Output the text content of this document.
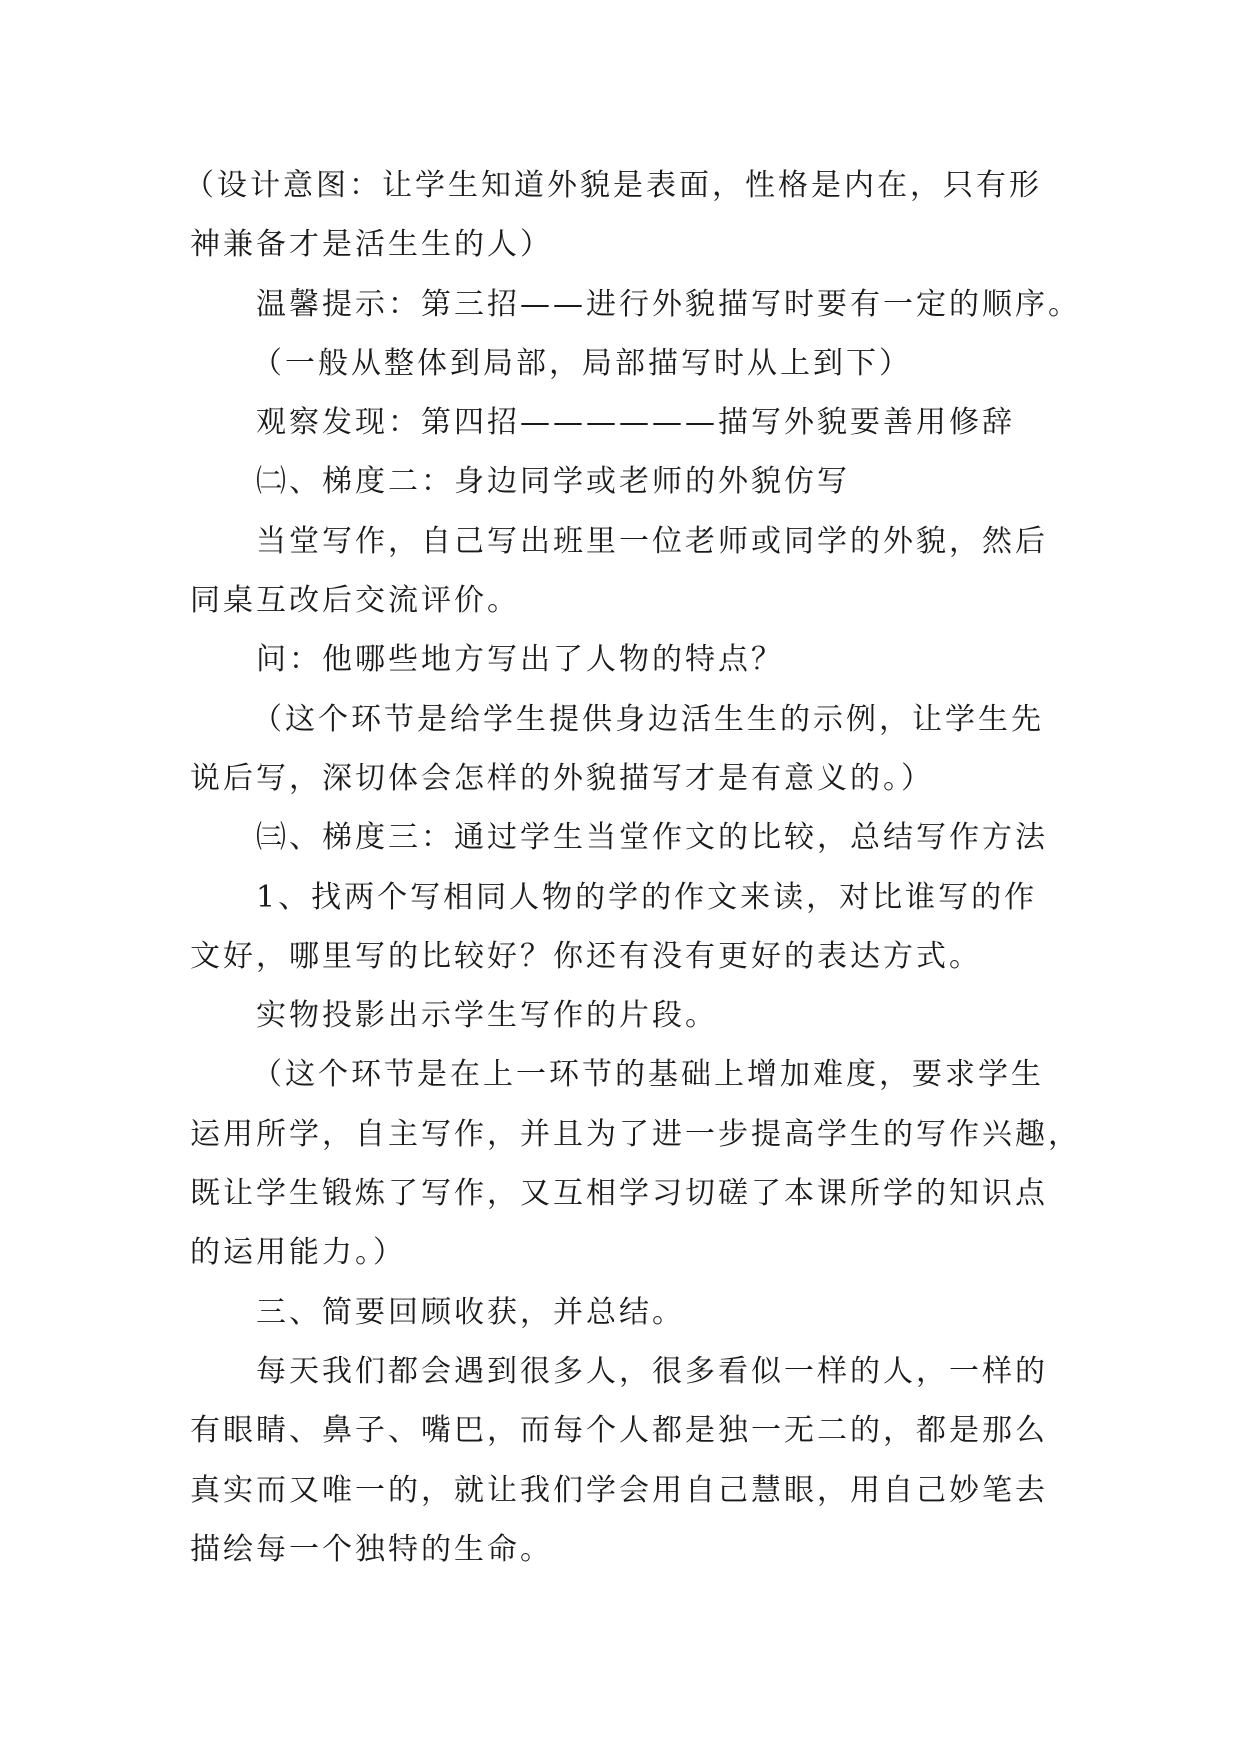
（设计意图：让学生知道外貌是表面，性格是内在，只有形
神兼备才是活生生的人）
温馨提示：第三招——进行外貌描写时要有一定的顺序。
（一般从整体到局部，局部描写时从上到下）
观察发现：第四招——————描写外貌要善用修辞
㈡、梯度二：身边同学或老师的外貌仿写
当堂写作，自己写出班里一位老师或同学的外貌，然后
同桌互改后交流评价。
问：他哪些地方写出了人物的特点？
（这个环节是给学生提供身边活生生的示例，让学生先
说后写，深切体会怎样的外貌描写才是有意义的。）
㈢、梯度三：通过学生当堂作文的比较，总结写作方法
1、找两个写相同人物的学的作文来读，对比谁写的作
文好，哪里写的比较好？你还有没有更好的表达方式。
实物投影出示学生写作的片段。
（这个环节是在上一环节的基础上增加难度，要求学生
运用所学，自主写作，并且为了进一步提高学生的写作兴趣，
既让学生锻炼了写作，又互相学习切磋了本课所学的知识点
的运用能力。）
三、简要回顾收获，并总结。
每天我们都会遇到很多人，很多看似一样的人，一样的
有眼睛、鼻子、嘴巴，而每个人都是独一无二的，都是那么
真实而又唯一的，就让我们学会用自己慧眼，用自己妙笔去
描绘每一个独特的生命。
